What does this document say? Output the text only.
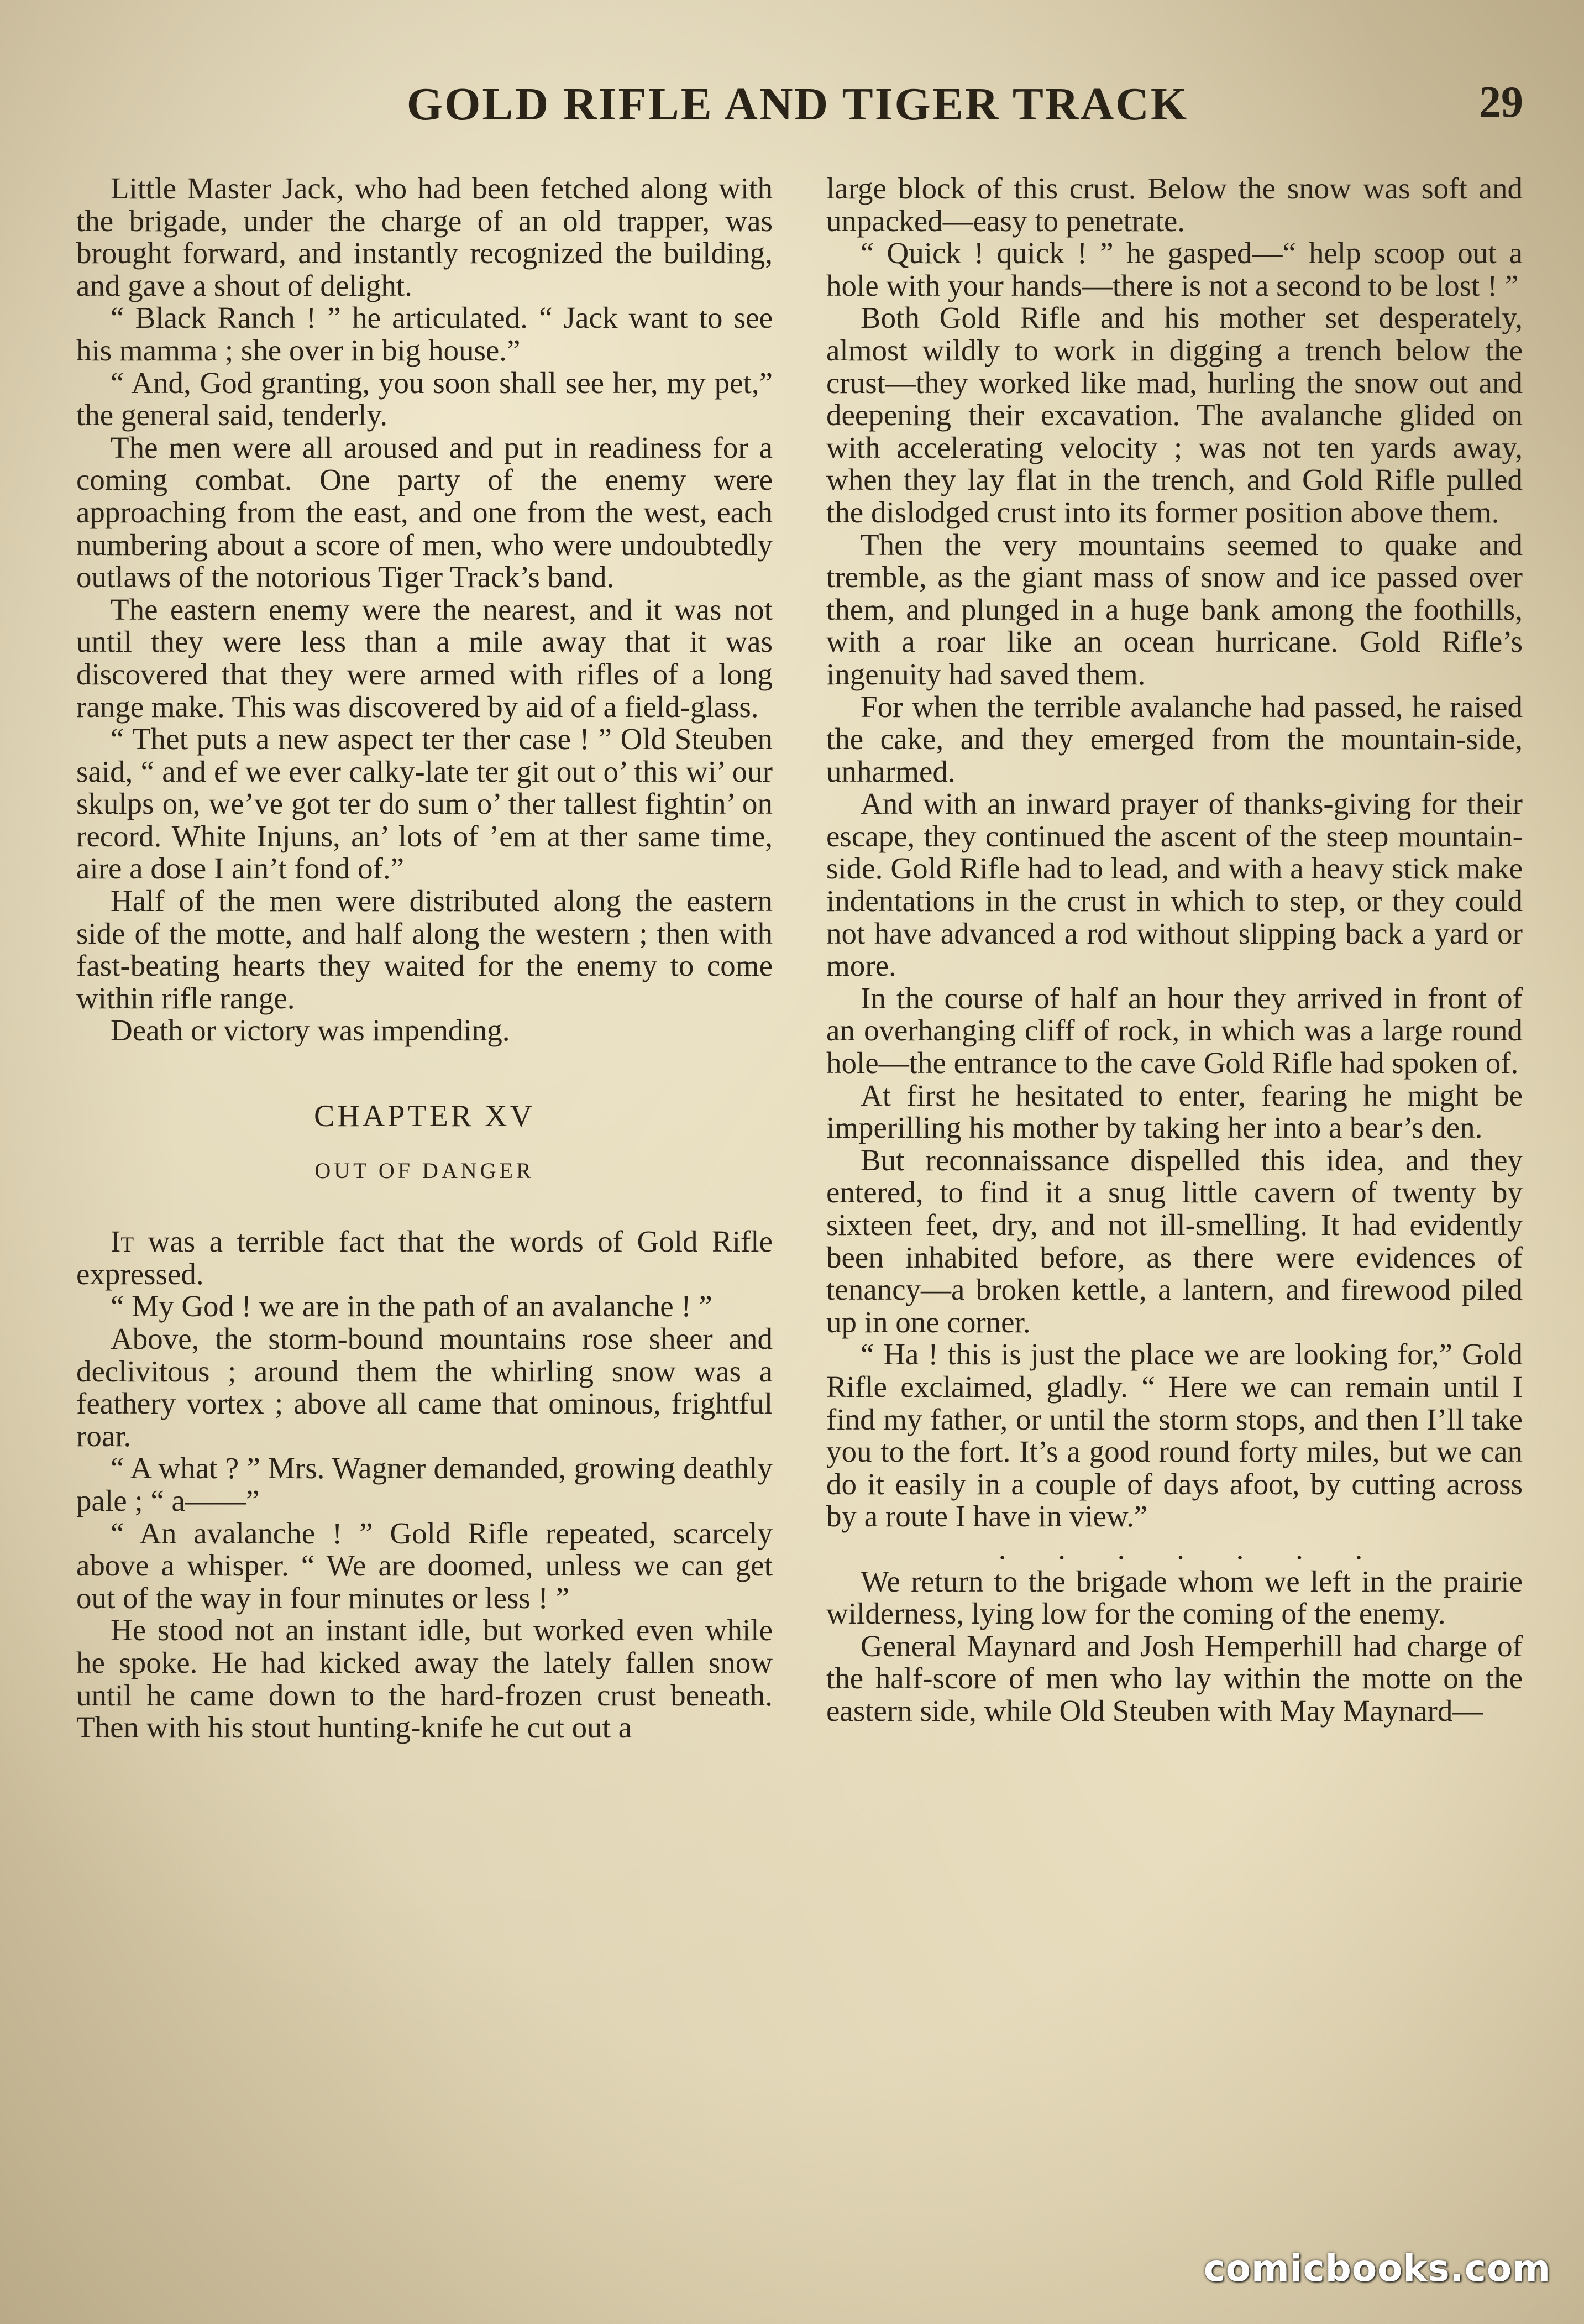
GOLD RIFLE AND TIGER TRACK	29

Little Master Jack, who had been fetched along with the brigade, under the charge of an old trapper, was brought forward, and instantly recognized the building, and gave a shout of delight.

“ Black Ranch ! ” he articulated. “ Jack want to see his mamma ; she over in big house.”

“ And, God granting, you soon shall see her, my pet,” the general said, tenderly.

The men were all aroused and put in readiness for a coming combat. One party of the enemy were approaching from the east, and one from the west, each numbering about a score of men, who were undoubtedly outlaws of the notorious Tiger Track’s band.

The eastern enemy were the nearest, and it was not until they were less than a mile away that it was discovered that they were armed with rifles of a long range make. This was discovered by aid of a field-glass.

“ Thet puts a new aspect ter ther case ! ” Old Steuben said, “ and ef we ever calky-late ter git out o’ this wi’ our skulps on, we’ve got ter do sum o’ ther tallest fightin’ on record. White Injuns, an’ lots of ’em at ther same time, aire a dose I ain’t fond of.”

Half of the men were distributed along the eastern side of the motte, and half along the western ; then with fast-beating hearts they waited for the enemy to come within rifle range.

Death or victory was impending.

CHAPTER XV
OUT OF DANGER

It was a terrible fact that the words of Gold Rifle expressed.

“ My God ! we are in the path of an avalanche ! ”

Above, the storm-bound mountains rose sheer and declivitous ; around them the whirling snow was a feathery vortex ; above all came that ominous, frightful roar.

“ A what ? ” Mrs. Wagner demanded, growing deathly pale ; “ a——”

“ An avalanche ! ” Gold Rifle repeated, scarcely above a whisper. “ We are doomed, unless we can get out of the way in four minutes or less ! ”

He stood not an instant idle, but worked even while he spoke. He had kicked away the lately fallen snow until he came down to the hard-frozen crust beneath. Then with his stout hunting-knife he cut out a

large block of this crust. Below the snow was soft and unpacked—easy to penetrate.

“ Quick ! quick ! ” he gasped—“ help scoop out a hole with your hands—there is not a second to be lost ! ”

Both Gold Rifle and his mother set desperately, almost wildly to work in digging a trench below the crust—they worked like mad, hurling the snow out and deepening their excavation. The avalanche glided on with accelerating velocity ; was not ten yards away, when they lay flat in the trench, and Gold Rifle pulled the dislodged crust into its former position above them.

Then the very mountains seemed to quake and tremble, as the giant mass of snow and ice passed over them, and plunged in a huge bank among the foothills, with a roar like an ocean hurricane. Gold Rifle’s ingenuity had saved them.

For when the terrible avalanche had passed, he raised the cake, and they emerged from the mountain-side, unharmed.

And with an inward prayer of thanks-giving for their escape, they continued the ascent of the steep mountain-side. Gold Rifle had to lead, and with a heavy stick make indentations in the crust in which to step, or they could not have advanced a rod without slipping back a yard or more.

In the course of half an hour they arrived in front of an overhanging cliff of rock, in which was a large round hole—the entrance to the cave Gold Rifle had spoken of.

At first he hesitated to enter, fearing he might be imperilling his mother by taking her into a bear’s den.

But reconnaissance dispelled this idea, and they entered, to find it a snug little cavern of twenty by sixteen feet, dry, and not ill-smelling. It had evidently been inhabited before, as there were evidences of tenancy—a broken kettle, a lantern, and firewood piled up in one corner.

“ Ha ! this is just the place we are looking for,” Gold Rifle exclaimed, gladly. “ Here we can remain until I find my father, or until the storm stops, and then I’ll take you to the fort. It’s a good round forty miles, but we can do it easily in a couple of days afoot, by cutting across by a route I have in view.”

. . . . . . .

We return to the brigade whom we left in the prairie wilderness, lying low for the coming of the enemy.

General Maynard and Josh Hemperhill had charge of the half-score of men who lay within the motte on the eastern side, while Old Steuben with May Maynard—

comicbooks.com
